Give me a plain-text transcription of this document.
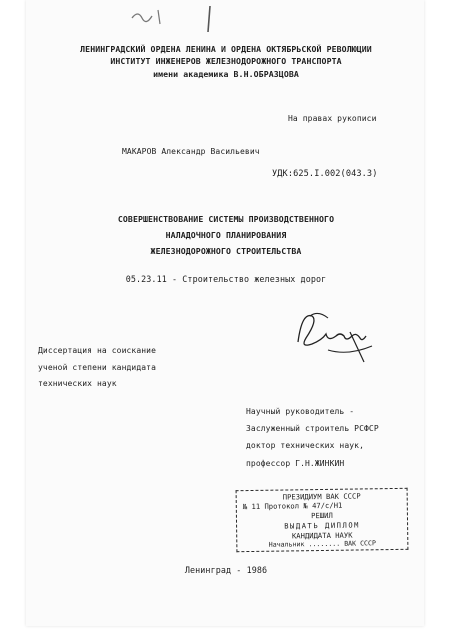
ЛЕНИНГРАДСКИЙ ОРДЕНА ЛЕНИНА И ОРДЕНА ОКТЯБРЬСКОЙ РЕВОЛЮЦИИ
ИНСТИТУТ ИНЖЕНЕРОВ ЖЕЛЕЗНОДОРОЖНОГО ТРАНСПОРТА
имени академика В.Н.ОБРАЗЦОВА
На правах рукописи
МАКАРОВ Александр Васильевич
УДК:625.I.002(043.3)
СОВЕРШЕНСТВОВАНИЕ СИСТЕМЫ ПРОИЗВОДСТВЕННОГО
НАЛАДОЧНОГО ПЛАНИРОВАНИЯ
ЖЕЛЕЗНОДОРОЖНОГО СТРОИТЕЛЬСТВА
05.23.11 - Строительство железных дорог
Диссертация на соискание
ученой степени кандидата
технических наук
Научный руководитель -
Заслуженный строитель РСФСР
доктор технических наук,
профессор Г.Н.ЖИНКИН
ПРЕЗИДИУМ ВАК СССР
№ 11 Протокол № 47/с/Н1
РЕШИЛ
ВЫДАТЬ ДИПЛОМ
КАНДИДАТА НАУК
Начальник ........ ВАК СССР
Ленинград - 1986
